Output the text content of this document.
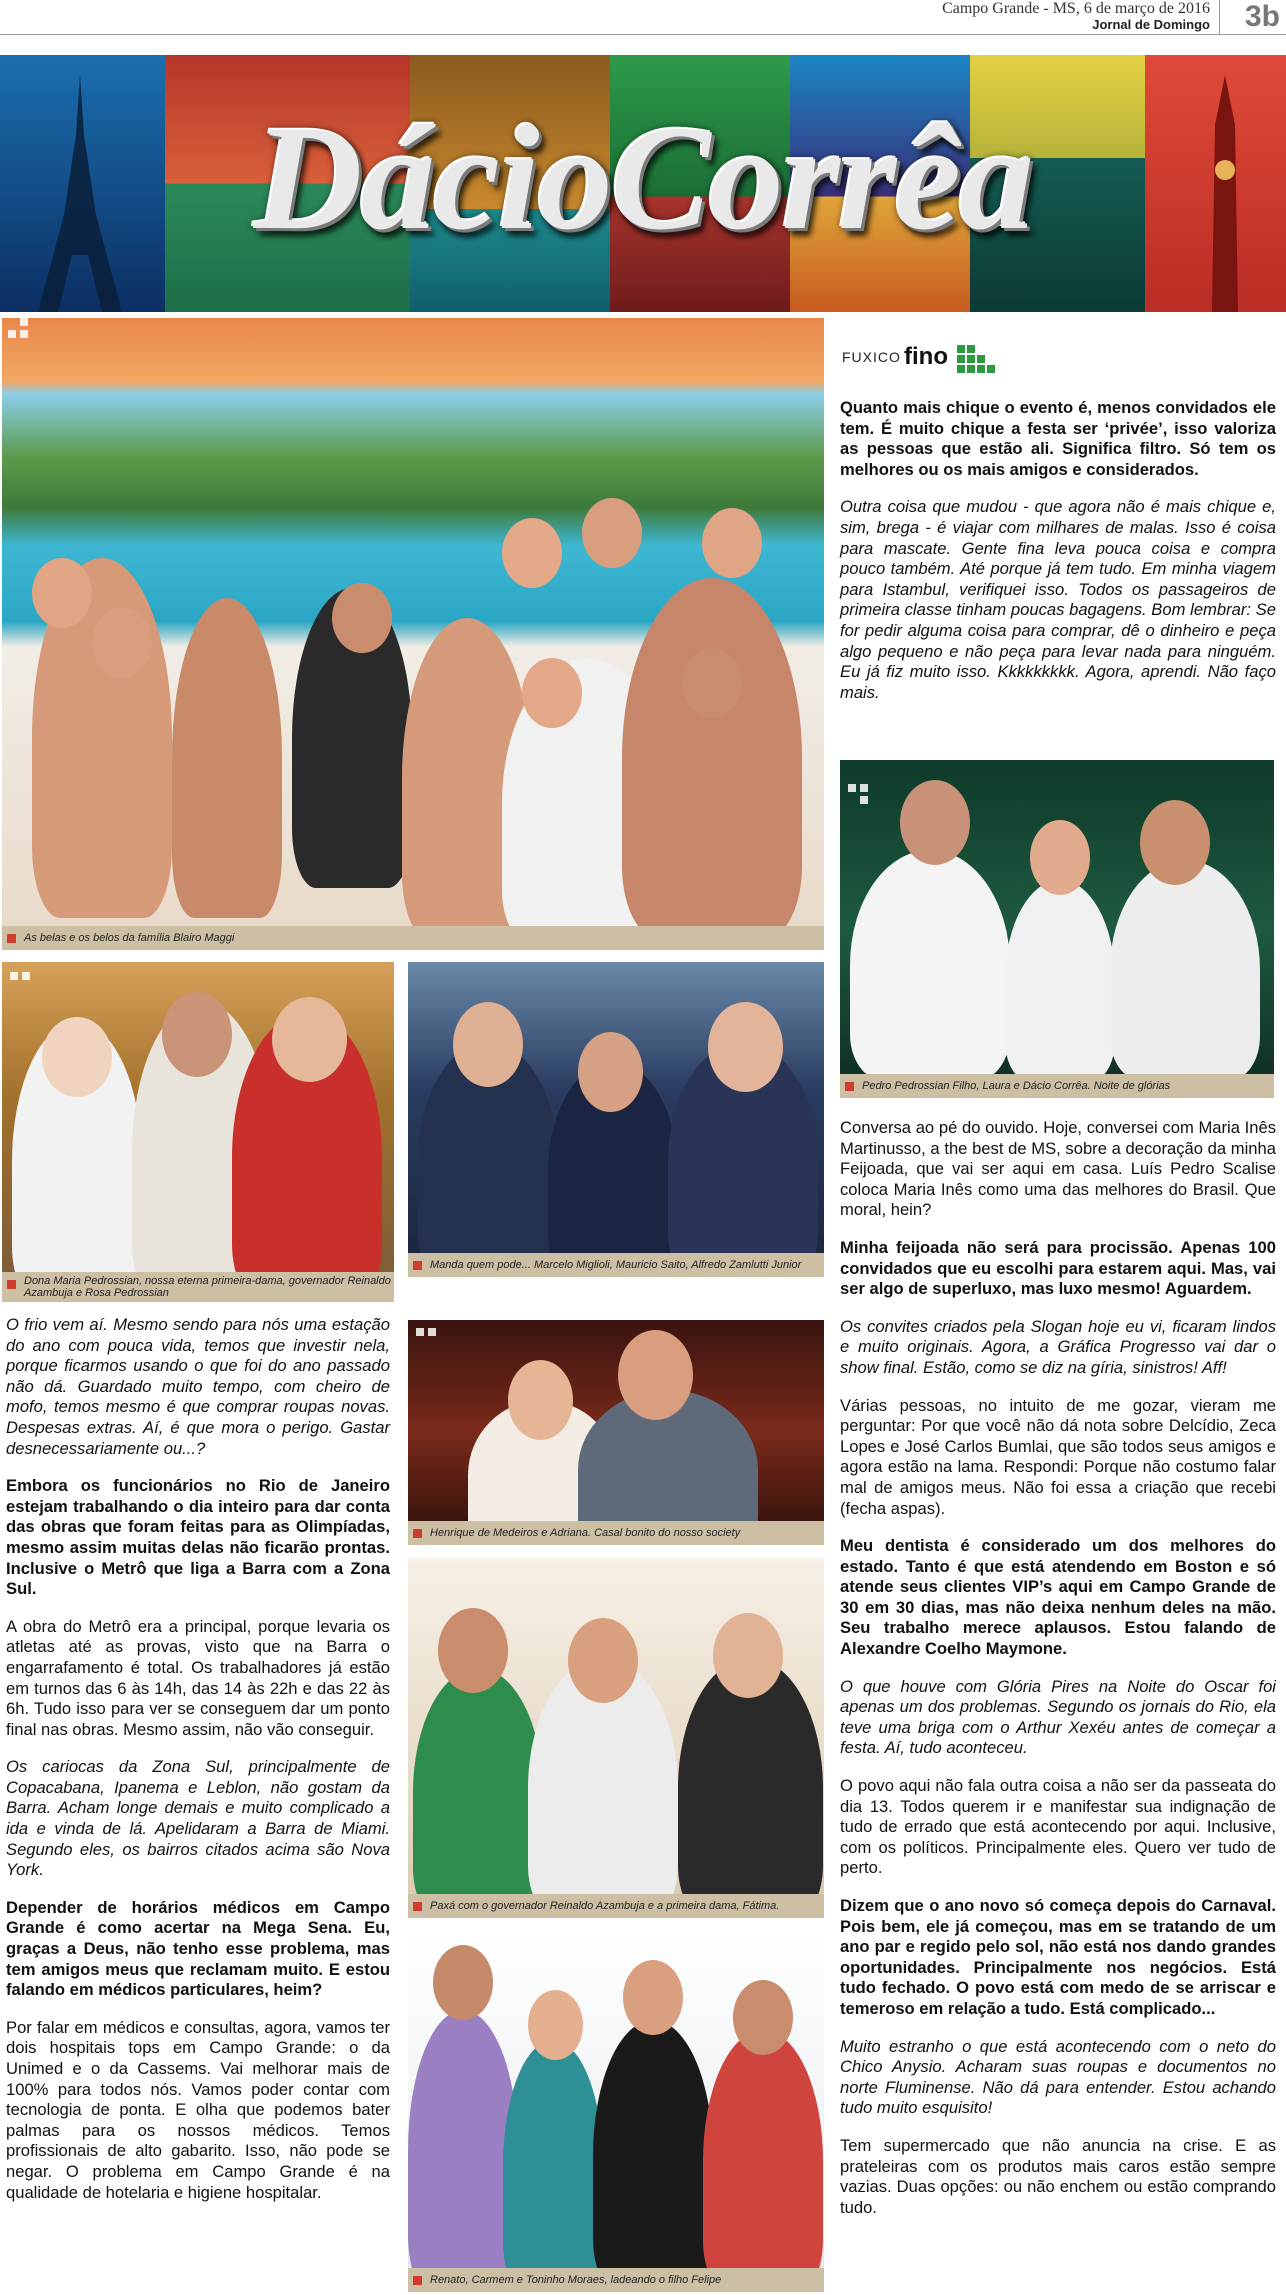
Campo Grande - MS, 6 de março de 2016
Jornal de Domingo	3b
DácioCorrêa
As belas e os belos da família Blairo Maggi
Dona Maria Pedrossian, nossa eterna primeira-dama, governador Reinaldo Azambuja e Rosa Pedrossian
Manda quem pode... Marcelo Miglioli, Mauricio Saito, Alfredo Zamlutti Junior
Pedro Pedrossian Filho, Laura e Dácio Corrêa. Noite de glórias
Henrique de Medeiros e Adriana. Casal bonito do nosso society
Paxá com o governador Reinaldo Azambuja e a primeira dama, Fátima.
Renato, Carmem e Toninho Moraes, ladeando o filho Felipe

O frio vem aí. Mesmo sendo para nós uma estação do ano com pouca vida, temos que investir nela, porque ficarmos usando o que foi do ano passado não dá. Guardado muito tempo, com cheiro de mofo, temos mesmo é que comprar roupas novas. Despesas extras. Aí, é que mora o perigo. Gastar desnecessariamente ou...?

Embora os funcionários no Rio de Janeiro estejam trabalhando o dia inteiro para dar conta das obras que foram feitas para as Olimpíadas, mesmo assim muitas delas não ficarão prontas. Inclusive o Metrô que liga a Barra com a Zona Sul.

A obra do Metrô era a principal, porque levaria os atletas até as provas, visto que na Barra o engarrafamento é total. Os trabalhadores já estão em turnos das 6 às 14h, das 14 às 22h e das 22 às 6h. Tudo isso para ver se conseguem dar um ponto final nas obras. Mesmo assim, não vão conseguir.

Os cariocas da Zona Sul, principalmente de Copacabana, Ipanema e Leblon, não gostam da Barra. Acham longe demais e muito complicado a ida e vinda de lá. Apelidaram a Barra de Miami. Segundo eles, os bairros citados acima são Nova York.

Depender de horários médicos em Campo Grande é como acertar na Mega Sena. Eu, graças a Deus, não tenho esse problema, mas tem amigos meus que reclamam muito. E estou falando em médicos particulares, heim?

Por falar em médicos e consultas, agora, vamos ter dois hospitais tops em Campo Grande: o da Unimed e o da Cassems. Vai melhorar mais de 100% para todos nós. Vamos poder contar com tecnologia de ponta. E olha que podemos bater palmas para os nossos médicos. Temos profissionais de alto gabarito. Isso, não pode se negar. O problema em Campo Grande é na qualidade de hotelaria e higiene hospitalar.

FUXICO fino

Quanto mais chique o evento é, menos convidados ele tem. É muito chique a festa ser ‘privée’, isso valoriza as pessoas que estão ali. Significa filtro. Só tem os melhores ou os mais amigos e considerados.

Outra coisa que mudou - que agora não é mais chique e, sim, brega - é viajar com milhares de malas. Isso é coisa para mascate. Gente fina leva pouca coisa e compra pouco também. Até porque já tem tudo. Em minha viagem para Istambul, verifiquei isso. Todos os passageiros de primeira classe tinham poucas bagagens. Bom lembrar: Se for pedir alguma coisa para comprar, dê o dinheiro e peça algo pequeno e não peça para levar nada para ninguém. Eu já fiz muito isso. Kkkkkkkkk. Agora, aprendi. Não faço mais.

Conversa ao pé do ouvido. Hoje, conversei com Maria Inês Martinusso, a the best de MS, sobre a decoração da minha Feijoada, que vai ser aqui em casa. Luís Pedro Scalise coloca Maria Inês como uma das melhores do Brasil. Que moral, hein?

Minha feijoada não será para procissão. Apenas 100 convidados que eu escolhi para estarem aqui. Mas, vai ser algo de superluxo, mas luxo mesmo! Aguardem.

Os convites criados pela Slogan hoje eu vi, ficaram lindos e muito originais. Agora, a Gráfica Progresso vai dar o show final. Estão, como se diz na gíria, sinistros! Aff!

Várias pessoas, no intuito de me gozar, vieram me perguntar: Por que você não dá nota sobre Delcídio, Zeca Lopes e José Carlos Bumlai, que são todos seus amigos e agora estão na lama. Respondi: Porque não costumo falar mal de amigos meus. Não foi essa a criação que recebi (fecha aspas).

Meu dentista é considerado um dos melhores do estado. Tanto é que está atendendo em Boston e só atende seus clientes VIP’s aqui em Campo Grande de 30 em 30 dias, mas não deixa nenhum deles na mão. Seu trabalho merece aplausos. Estou falando de Alexandre Coelho Maymone.

O que houve com Glória Pires na Noite do Oscar foi apenas um dos problemas. Segundo os jornais do Rio, ela teve uma briga com o Arthur Xexéu antes de começar a festa. Aí, tudo aconteceu.

O povo aqui não fala outra coisa a não ser da passeata do dia 13. Todos querem ir e manifestar sua indignação de tudo de errado que está acontecendo por aqui. Inclusive, com os políticos. Principalmente eles. Quero ver tudo de perto.

Dizem que o ano novo só começa depois do Carnaval. Pois bem, ele já começou, mas em se tratando de um ano par e regido pelo sol, não está nos dando grandes oportunidades. Principalmente nos negócios. Está tudo fechado. O povo está com medo de se arriscar e temeroso em relação a tudo. Está complicado...

Muito estranho o que está acontecendo com o neto do Chico Anysio. Acharam suas roupas e documentos no norte Fluminense. Não dá para entender. Estou achando tudo muito esquisito!

Tem supermercado que não anuncia na crise. E as prateleiras com os produtos mais caros estão sempre vazias. Duas opções: ou não enchem ou estão comprando tudo.
